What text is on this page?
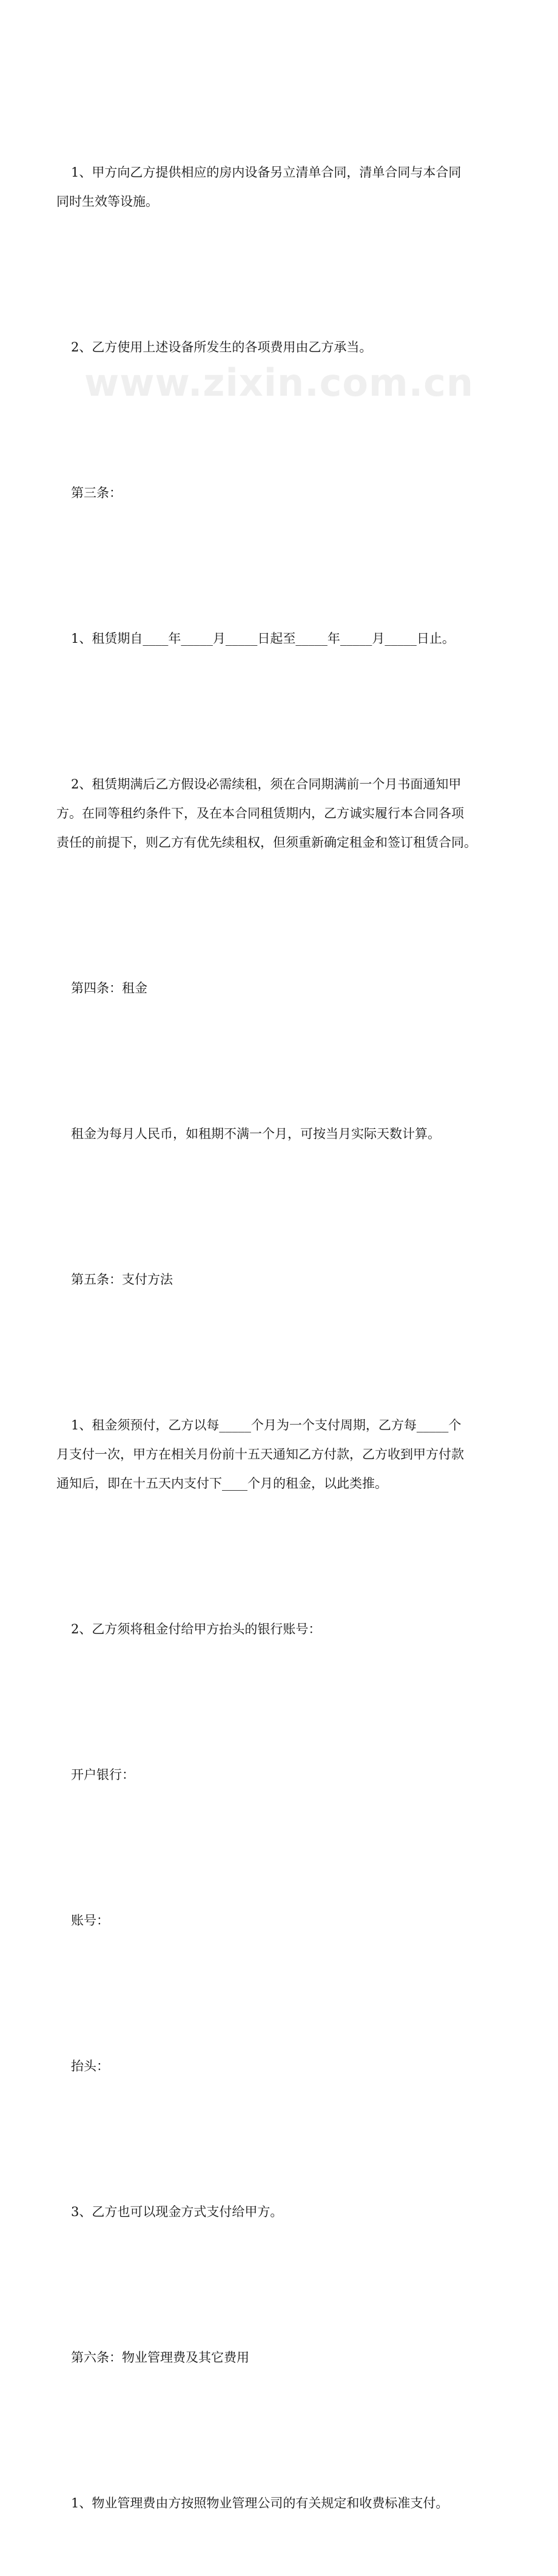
www.zixin.com.cn

1、甲方向乙方提供相应的房内设备另立清单合同，清单合同与本合同
同时生效等设施。

2、乙方使用上述设备所发生的各项费用由乙方承当。

第三条：

1、租赁期自____年_____月_____日起至_____年_____月_____日止。

2、租赁期满后乙方假设必需续租，须在合同期满前一个月书面通知甲
方。在同等租约条件下，及在本合同租赁期内，乙方诚实履行本合同各项
责任的前提下，则乙方有优先续租权，但须重新确定租金和签订租赁合同。

第四条：租金

租金为每月人民币，如租期不满一个月，可按当月实际天数计算。

第五条：支付方法

1、租金须预付，乙方以每_____个月为一个支付周期，乙方每_____个
月支付一次，甲方在相关月份前十五天通知乙方付款，乙方收到甲方付款
通知后，即在十五天内支付下____个月的租金，以此类推。

2、乙方须将租金付给甲方抬头的银行账号：

开户银行：

账号：

抬头：

3、乙方也可以现金方式支付给甲方。

第六条：物业管理费及其它费用

1、物业管理费由方按照物业管理公司的有关规定和收费标准支付。
